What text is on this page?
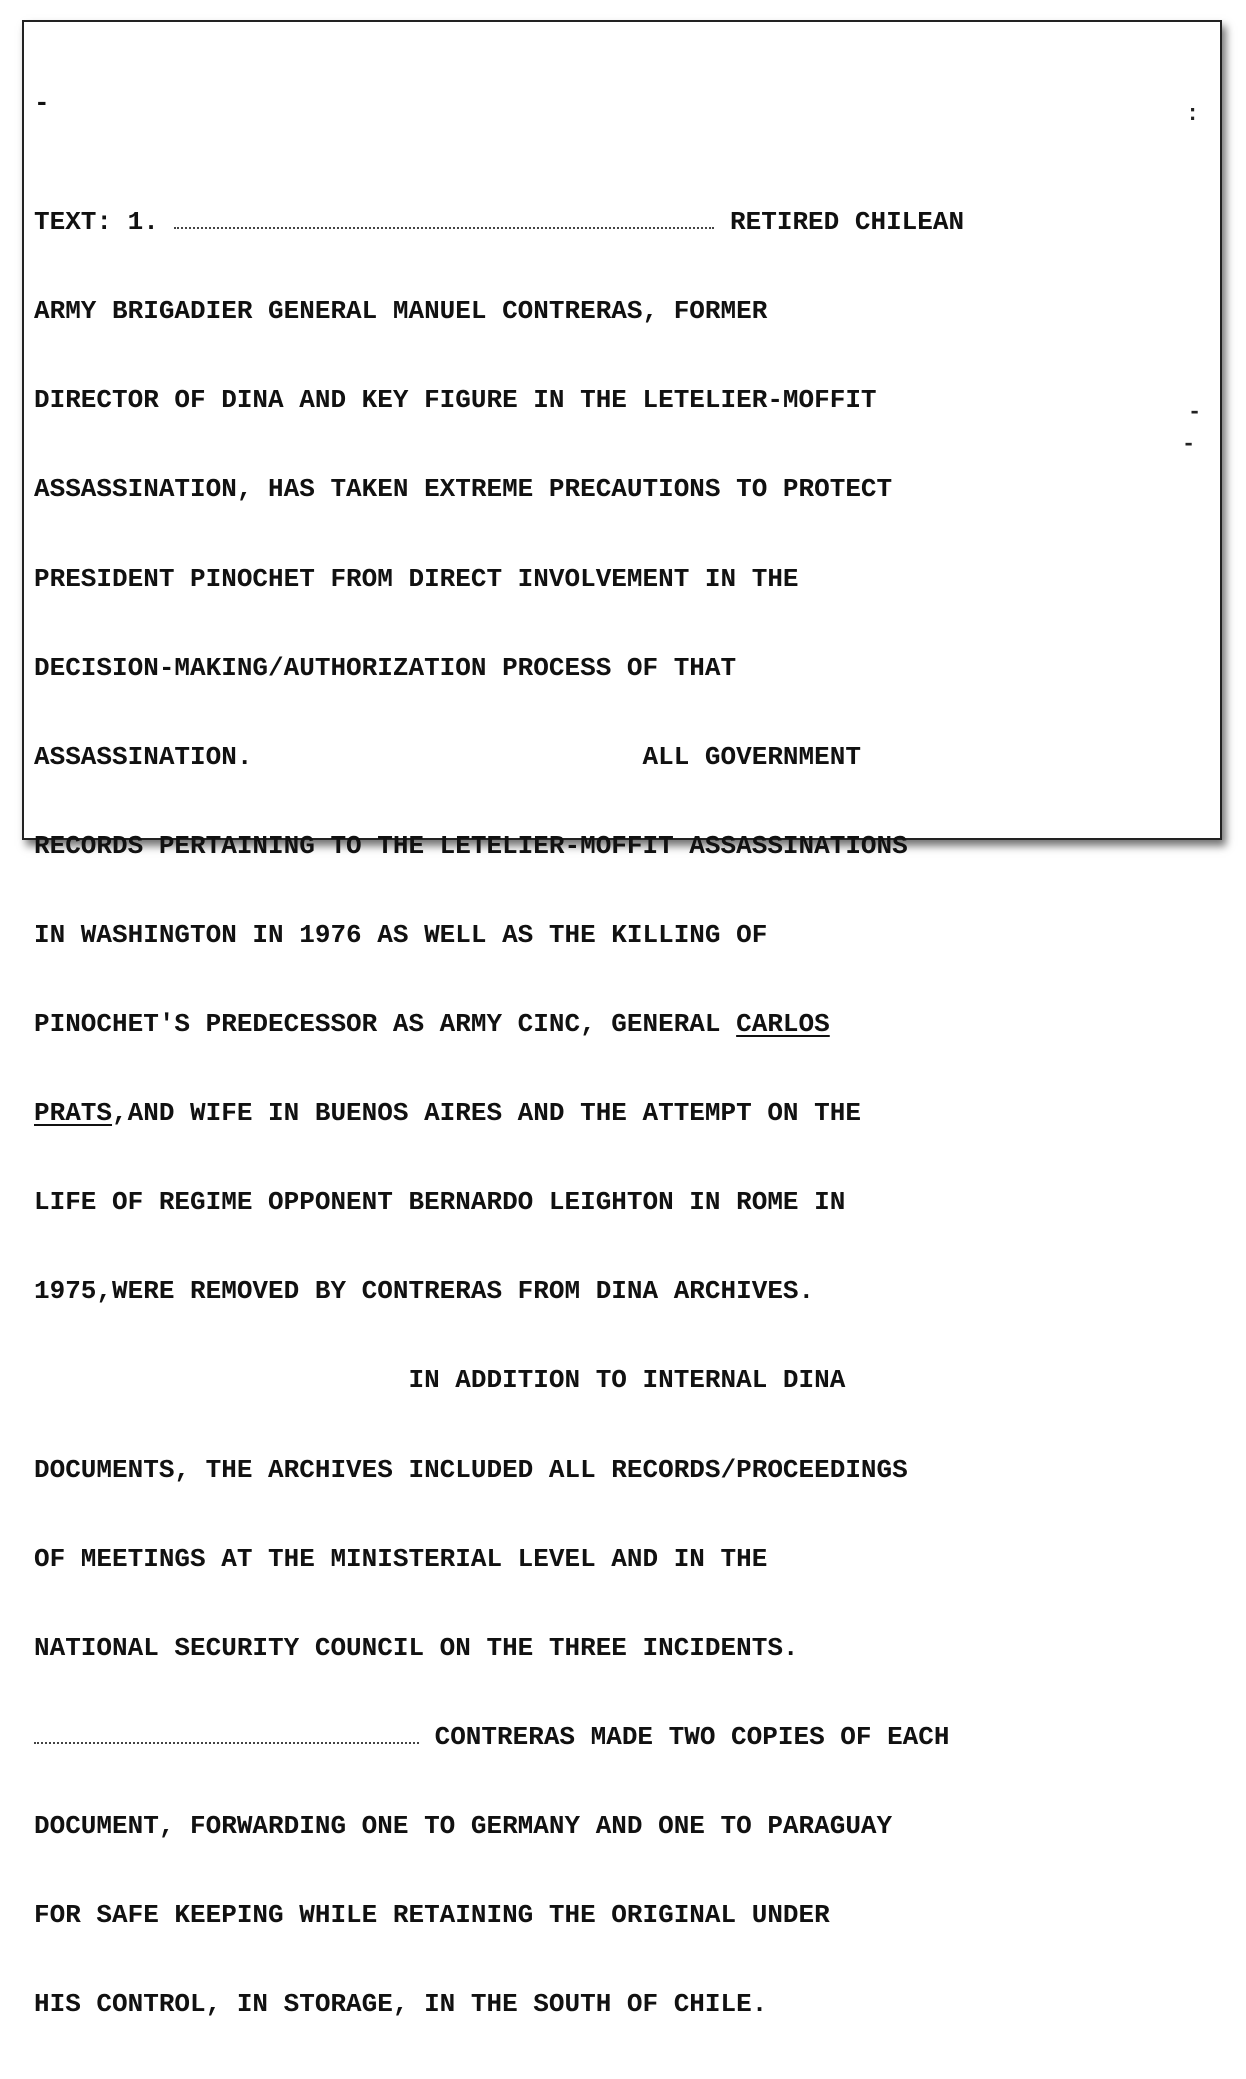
-

TEXT: 1.	RETIRED CHILEAN

ARMY BRIGADIER GENERAL MANUEL CONTRERAS, FORMER

DIRECTOR OF DINA AND KEY FIGURE IN THE LETELIER-MOFFIT

ASSASSINATION, HAS TAKEN EXTREME PRECAUTIONS TO PROTECT

PRESIDENT PINOCHET FROM DIRECT INVOLVEMENT IN THE

DECISION-MAKING/AUTHORIZATION PROCESS OF THAT

ASSASSINATION.                         ALL GOVERNMENT

RECORDS PERTAINING TO THE LETELIER-MOFFIT ASSASSINATIONS

IN WASHINGTON IN 1976 AS WELL AS THE KILLING OF

PINOCHET'S PREDECESSOR AS ARMY CINC, GENERAL CARLOS

PRATS,AND WIFE IN BUENOS AIRES AND THE ATTEMPT ON THE

LIFE OF REGIME OPPONENT BERNARDO LEIGHTON IN ROME IN

1975,WERE REMOVED BY CONTRERAS FROM DINA ARCHIVES.

IN ADDITION TO INTERNAL DINA

DOCUMENTS, THE ARCHIVES INCLUDED ALL RECORDS/PROCEEDINGS

OF MEETINGS AT THE MINISTERIAL LEVEL AND IN THE

NATIONAL SECURITY COUNCIL ON THE THREE INCIDENTS.

CONTRERAS MADE TWO COPIES OF EACH

DOCUMENT, FORWARDING ONE TO GERMANY AND ONE TO PARAGUAY

FOR SAFE KEEPING WHILE RETAINING THE ORIGINAL UNDER

HIS CONTROL, IN STORAGE, IN THE SOUTH OF CHILE.

:
-
-
